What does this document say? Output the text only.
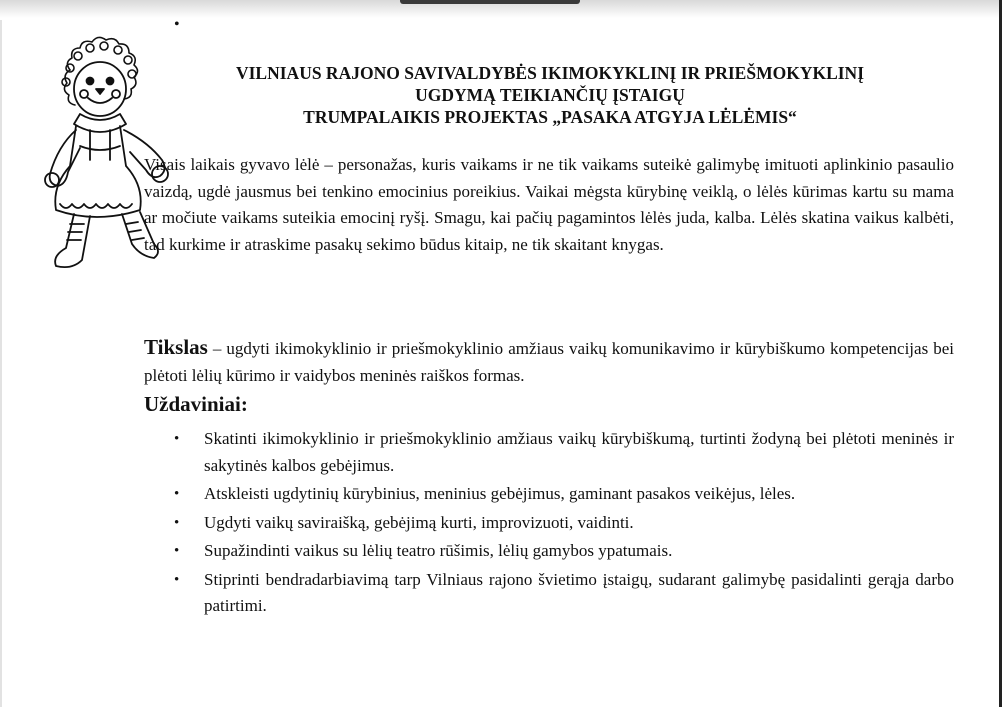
•
VILNIAUS RAJONO SAVIVALDYBĖS IKIMOKYKLINĮ IR PRIEŠMOKYKLINĮ
UGDYMĄ TEIKIANČIŲ ĮSTAIGŲ
TRUMPALAIKIS PROJEKTAS „PASAKA ATGYJA LĖLĖMIS“

Visais laikais gyvavo lėlė – personažas, kuris vaikams ir ne tik vaikams suteikė galimybę imituoti aplinkinio pasaulio vaizdą, ugdė jausmus bei tenkino emocinius poreikius. Vaikai mėgsta kūrybinę veiklą, o lėlės kūrimas kartu su mama ar močiute vaikams suteikia emocinį ryšį. Smagu, kai pačių pagamintos lėlės juda, kalba. Lėlės skatina vaikus kalbėti, tad kurkime ir atraskime pasakų sekimo būdus kitaip, ne tik skaitant knygas.

Tikslas – ugdyti ikimokyklinio ir priešmokyklinio amžiaus vaikų komunikavimo ir kūrybiškumo kompetencijas bei plėtoti lėlių kūrimo ir vaidybos meninės raiškos formas.

Uždaviniai:
• Skatinti ikimokyklinio ir priešmokyklinio amžiaus vaikų kūrybiškumą, turtinti žodyną bei plėtoti meninės ir sakytinės kalbos gebėjimus.
• Atskleisti ugdytinių kūrybinius, meninius gebėjimus, gaminant pasakos veikėjus, lėles.
• Ugdyti vaikų saviraišką, gebėjimą kurti, improvizuoti, vaidinti.
• Supažindinti vaikus su lėlių teatro rūšimis, lėlių gamybos ypatumais.
• Stiprinti bendradarbiavimą tarp Vilniaus rajono švietimo įstaigų, sudarant galimybę pasidalinti gerąja darbo patirtimi.
